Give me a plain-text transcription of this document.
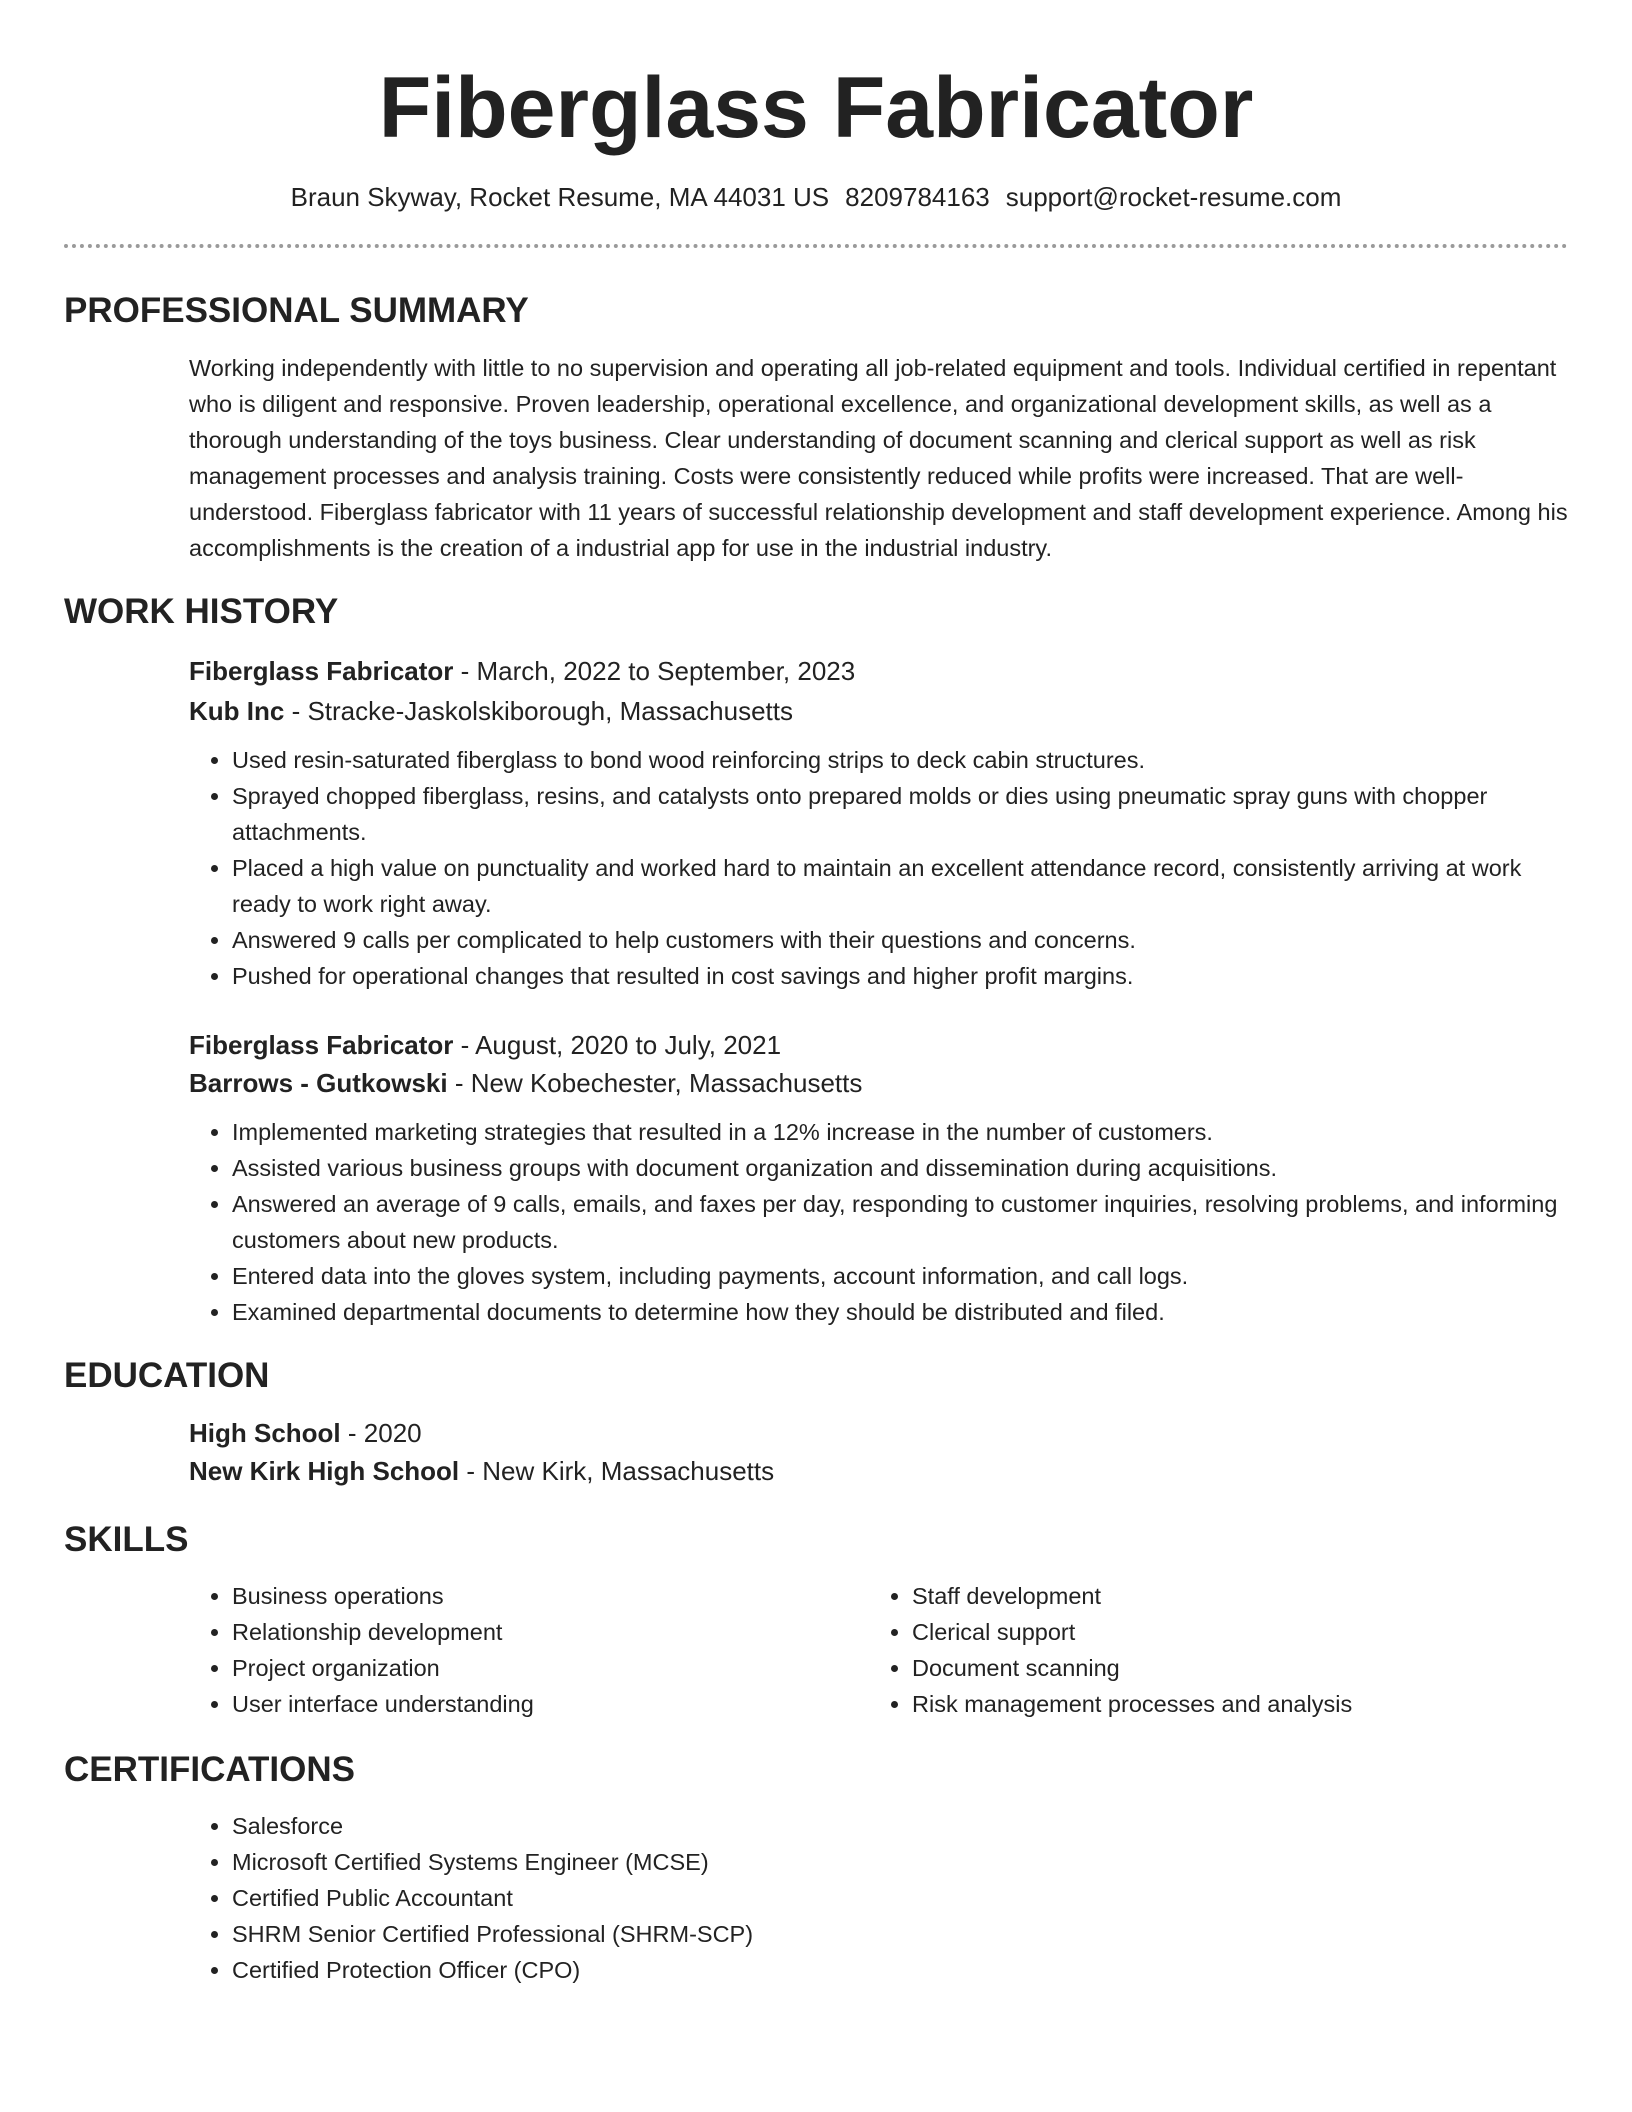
Fiberglass Fabricator
Braun Skyway, Rocket Resume, MA 44031 US 8209784163 support@rocket-resume.com
PROFESSIONAL SUMMARY
Working independently with little to no supervision and operating all job-related equipment and tools. Individual certified in repentant who is diligent and responsive. Proven leadership, operational excellence, and organizational development skills, as well as a thorough understanding of the toys business. Clear understanding of document scanning and clerical support as well as risk management processes and analysis training. Costs were consistently reduced while profits were increased. That are well-understood. Fiberglass fabricator with 11 years of successful relationship development and staff development experience. Among his accomplishments is the creation of a industrial app for use in the industrial industry.
WORK HISTORY
Fiberglass Fabricator - March, 2022 to September, 2023
Kub Inc - Stracke-Jaskolskiborough, Massachusetts
• Used resin-saturated fiberglass to bond wood reinforcing strips to deck cabin structures.
• Sprayed chopped fiberglass, resins, and catalysts onto prepared molds or dies using pneumatic spray guns with chopper attachments.
• Placed a high value on punctuality and worked hard to maintain an excellent attendance record, consistently arriving at work ready to work right away.
• Answered 9 calls per complicated to help customers with their questions and concerns.
• Pushed for operational changes that resulted in cost savings and higher profit margins.
Fiberglass Fabricator - August, 2020 to July, 2021
Barrows - Gutkowski - New Kobechester, Massachusetts
• Implemented marketing strategies that resulted in a 12% increase in the number of customers.
• Assisted various business groups with document organization and dissemination during acquisitions.
• Answered an average of 9 calls, emails, and faxes per day, responding to customer inquiries, resolving problems, and informing customers about new products.
• Entered data into the gloves system, including payments, account information, and call logs.
• Examined departmental documents to determine how they should be distributed and filed.
EDUCATION
High School - 2020
New Kirk High School - New Kirk, Massachusetts
SKILLS
• Business operations
• Relationship development
• Project organization
• User interface understanding
• Staff development
• Clerical support
• Document scanning
• Risk management processes and analysis
CERTIFICATIONS
• Salesforce
• Microsoft Certified Systems Engineer (MCSE)
• Certified Public Accountant
• SHRM Senior Certified Professional (SHRM-SCP)
• Certified Protection Officer (CPO)
